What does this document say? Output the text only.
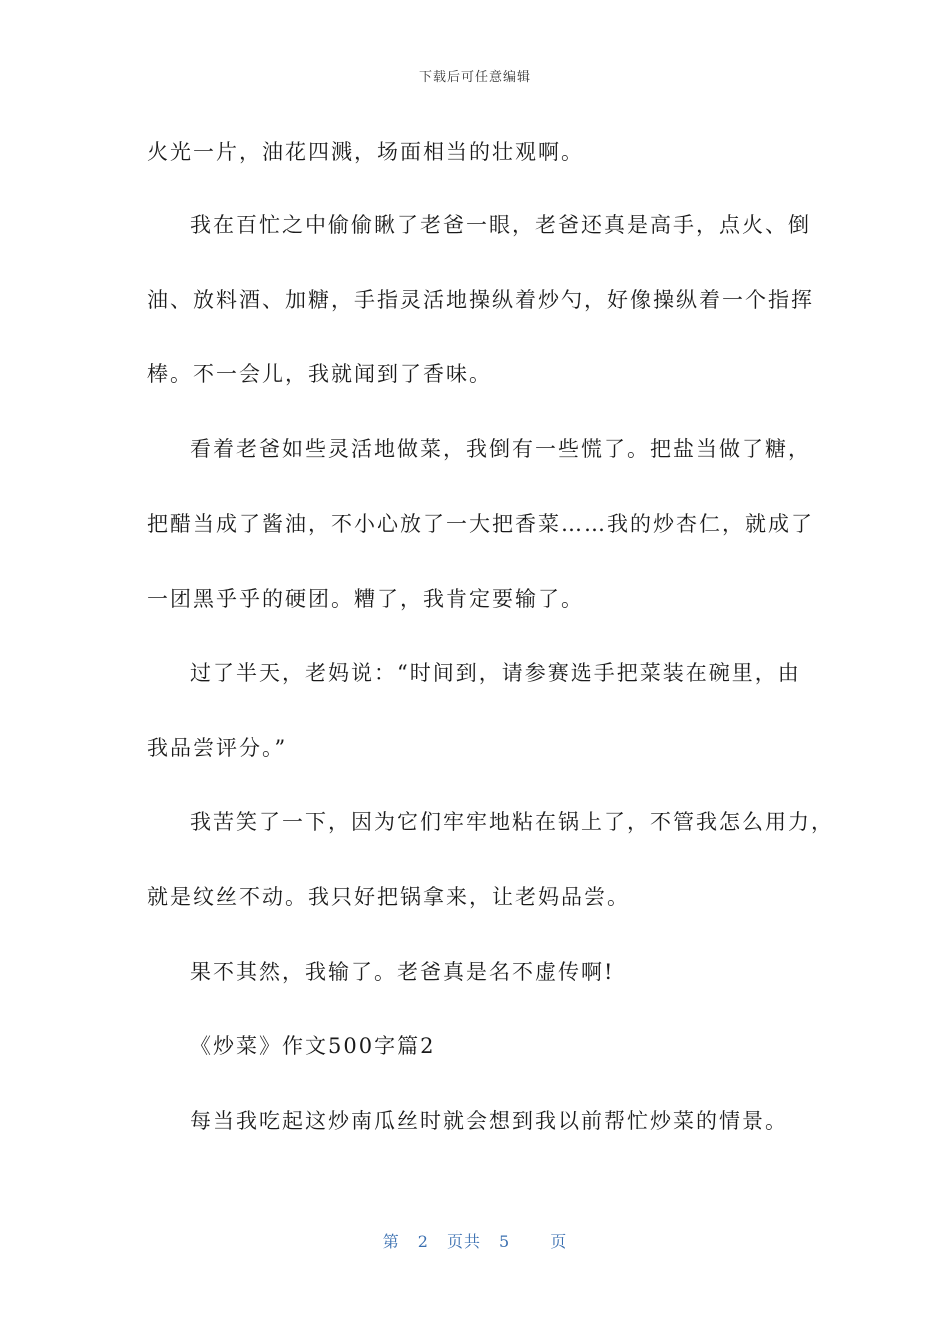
下载后可任意编辑
火光一片，油花四溅，场面相当的壮观啊。
我在百忙之中偷偷瞅了老爸一眼，老爸还真是高手，点火、倒
油、放料酒、加糖，手指灵活地操纵着炒勺，好像操纵着一个指挥
棒。不一会儿，我就闻到了香味。
看着老爸如些灵活地做菜，我倒有一些慌了。把盐当做了糖，
把醋当成了酱油，不小心放了一大把香菜……我的炒杏仁，就成了
一团黑乎乎的硬团。糟了，我肯定要输了。
过了半天，老妈说：“时间到，请参赛选手把菜装在碗里，由
我品尝评分。”
我苦笑了一下，因为它们牢牢地粘在锅上了，不管我怎么用力，
就是纹丝不动。我只好把锅拿来，让老妈品尝。
果不其然，我输了。老爸真是名不虚传啊!
《炒菜》作文500字篇2
每当我吃起这炒南瓜丝时就会想到我以前帮忙炒菜的情景。
第 2 页共 5	页
